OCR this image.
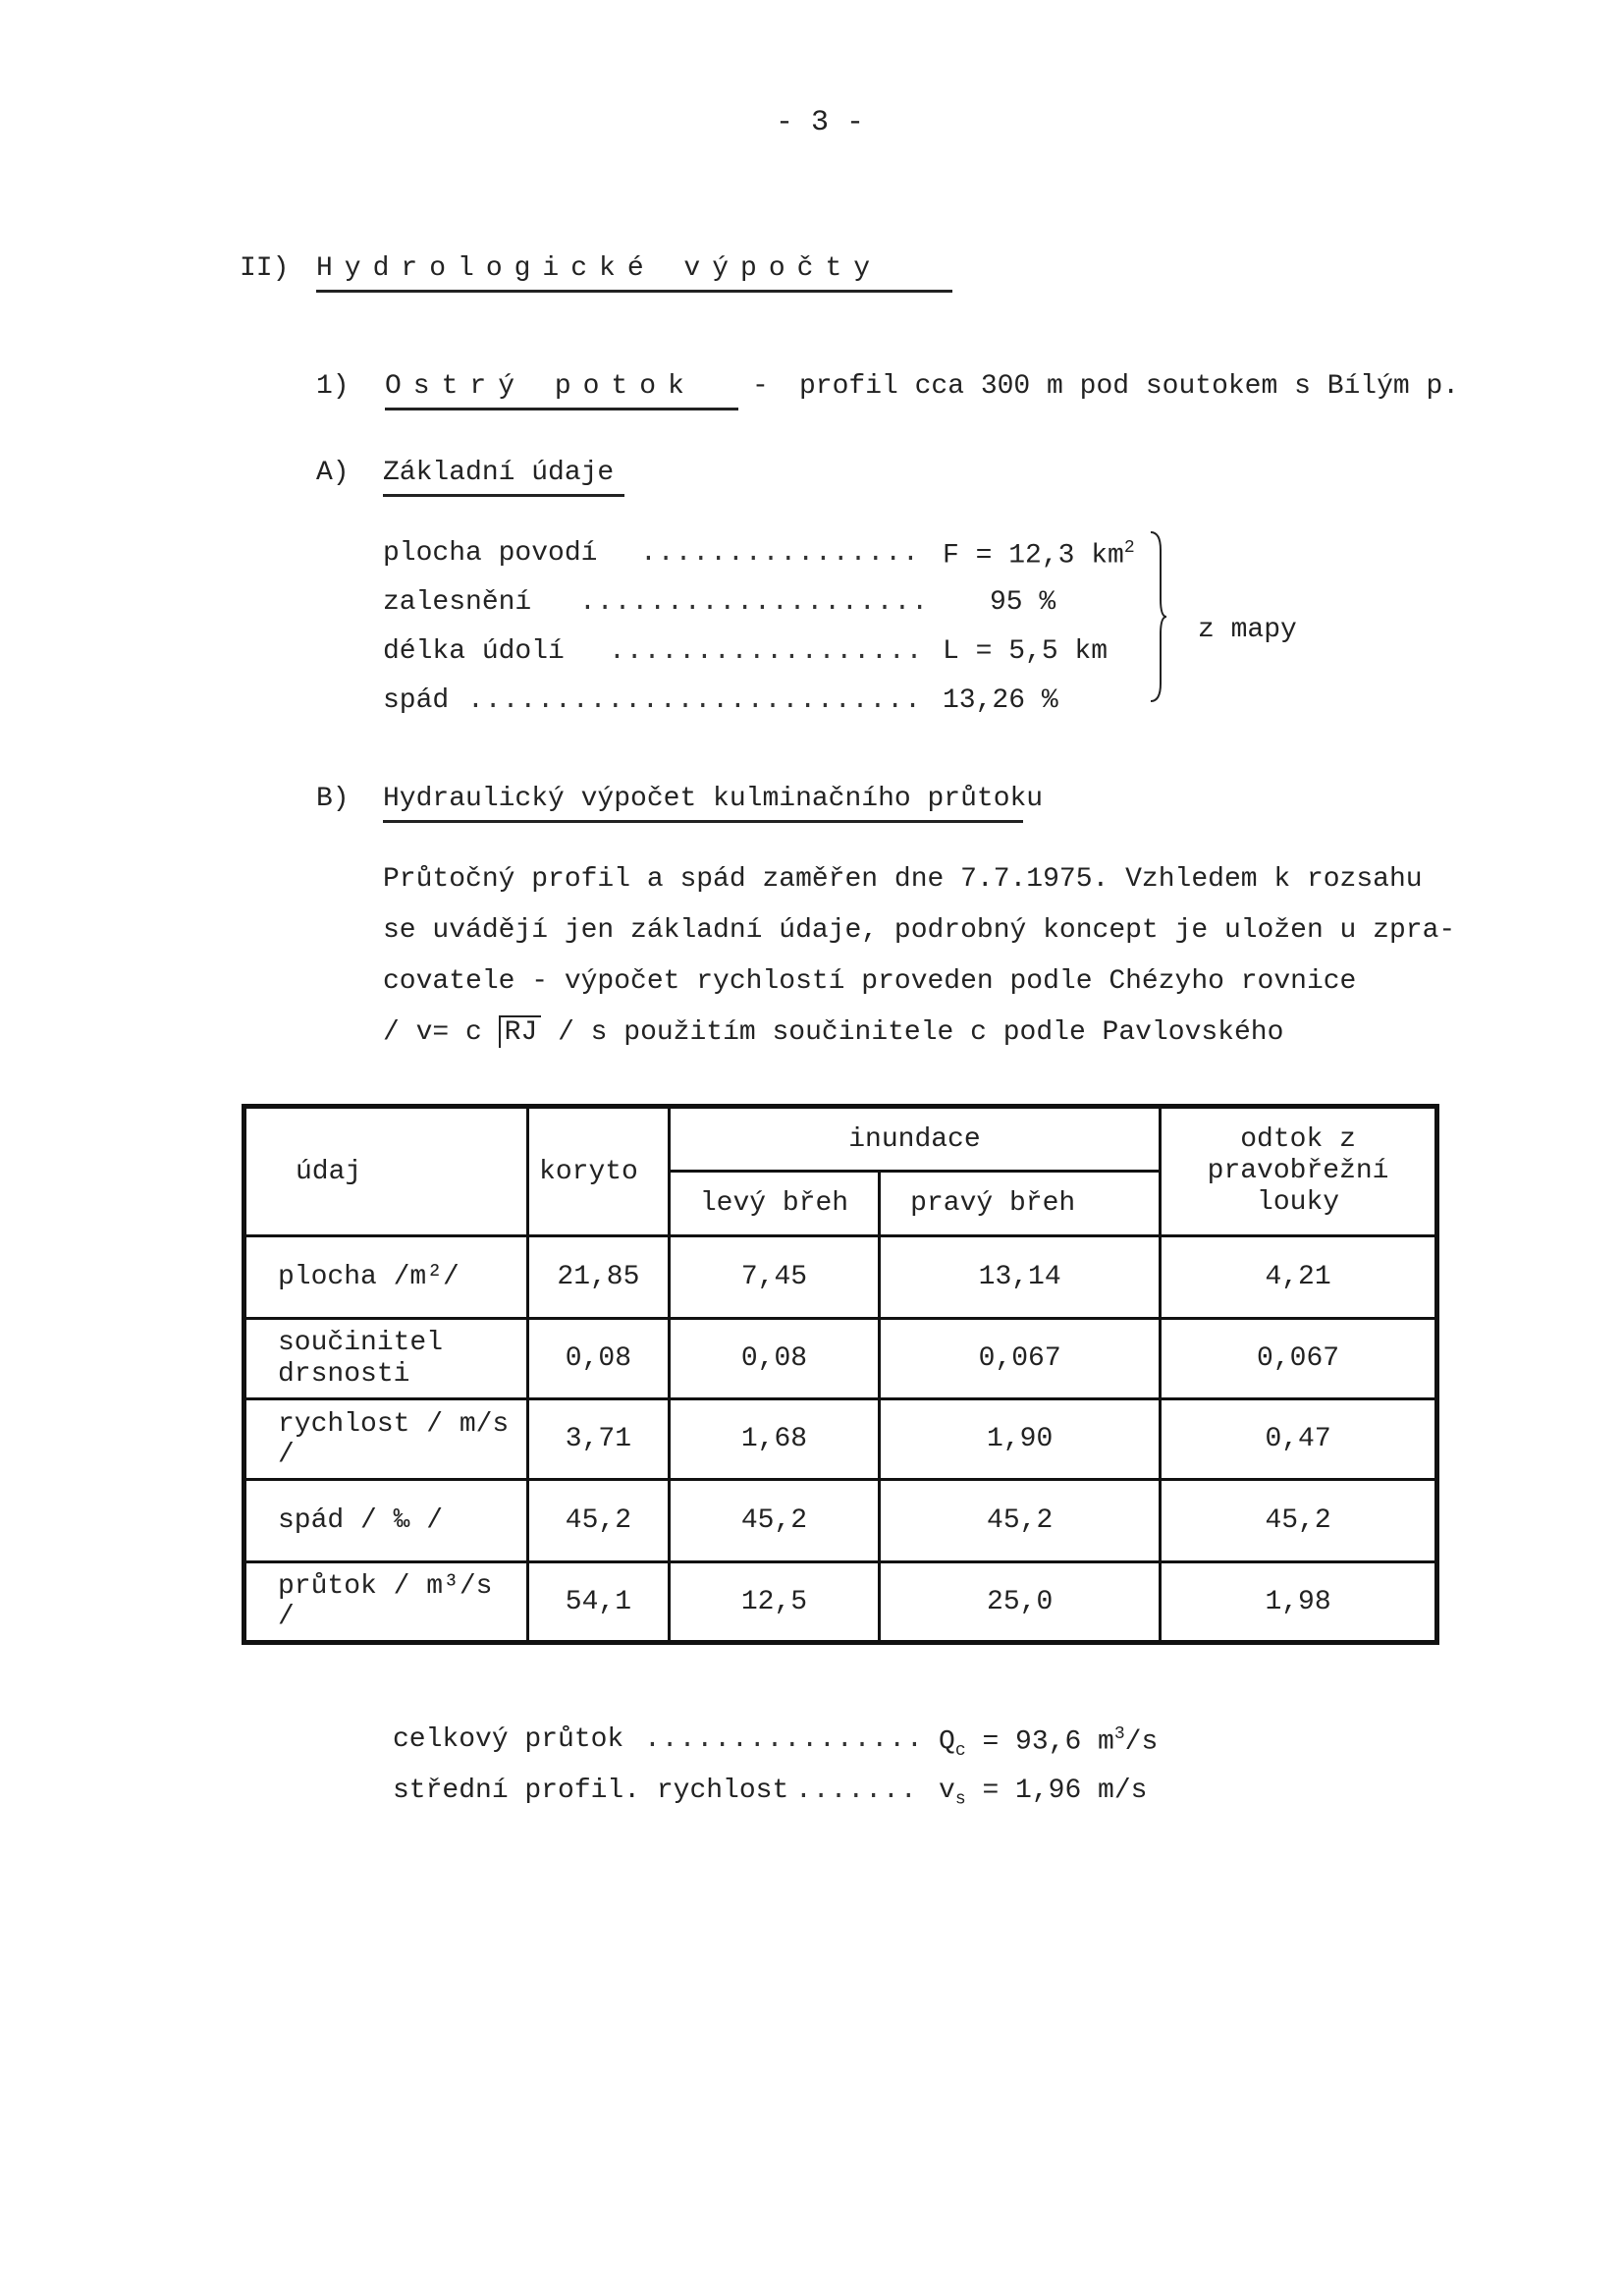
- 3 -
II) Hydrologické výpočty
1) Ostrý potok	- profil cca 300 m pod soutokem s Bílým p.
A) Základní údaje
plocha povodí ................ F = 12,3 $km^2$
zalesnění .................... 95 %
délka údolí .................. L = 5,5 km
spád .......................... 13,26 %
z mapy
B) Hydraulický výpočet kulminačního průtoku
Průtočný profil a spád zaměřen dne 7.7.1975. Vzhledem k rozsahu
se uvádějí jen základní údaje, podrobný koncept je uložen u zpra-
covatele - výpočet rychlostí proveden podle Chézyho rovnice
/ v= c RJ / s použitím součinitele c podle Pavlovského
údaj	koryto	inundace		odtok z pravobřežní louky
		levý břeh	pravý břeh	
plocha /m²/	21,85	7,45	13,14	4,21
součinitel drsnosti	0,08	0,08	0,067	0,067
rychlost / m/s /	3,71	1,68	1,90	0,47
spád / ‰ /	45,2	45,2	45,2	45,2
průtok / m³/s /	54,1	12,5	25,0	1,98
celkový průtok ................ $Q_c = 93,6$ $m^3/s$
střední profil. rychlost ....... $v_s = 1,96$ m/s
